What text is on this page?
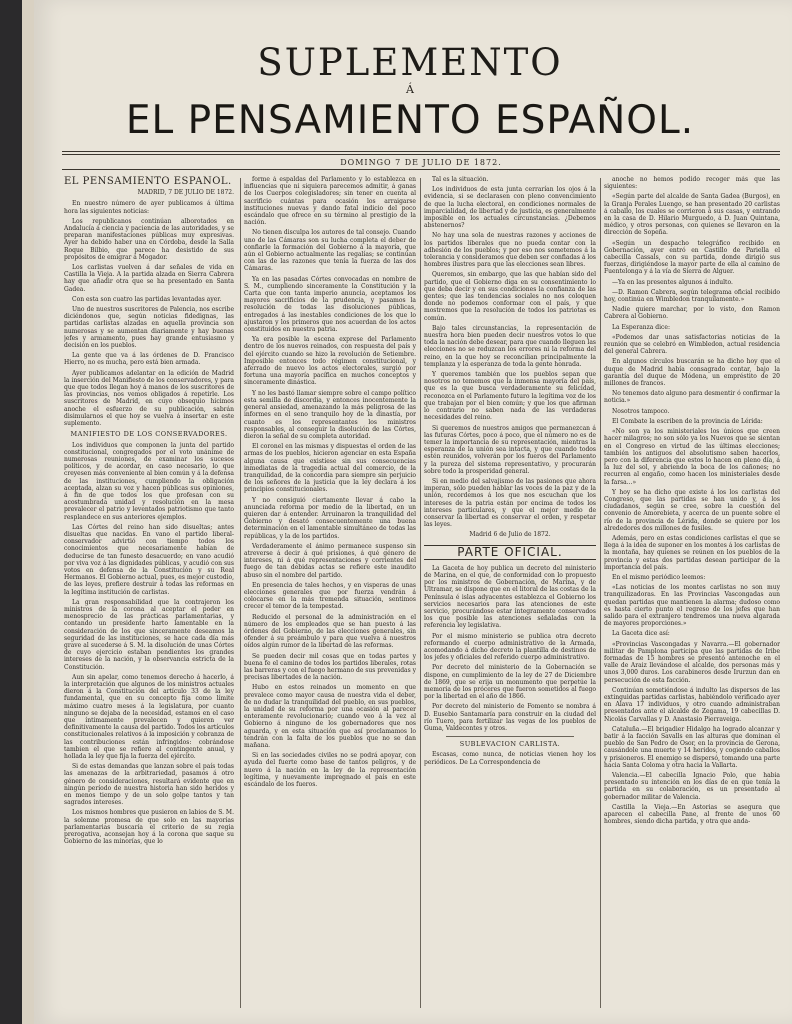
SUPLEMENTO
Á
EL PENSAMIENTO ESPAÑOL.
DOMINGO 7 DE JULIO DE 1872.
EL PENSAMIENTO ESPAÑOL.
MADRID, 7 DE JULIO DE 1872.

En nuestro número de ayer publicamos á última hora las siguientes noticias:

Los republicanos continúan alborotados en Andalucía á ciencia y paciencia de las autoridades, y se preparan manifestaciones públicas muy expresivas. Ayer ha debido haber una en Córdoba, desde la Salla Roque Bilbio, que parece ha desistido de sus propósitos de emigrar á Mogador.

Los carlistas vuelven á dar señales de vida en Castilla la Vieja. A la partida alzada en Sierra Cabrera hay que añadir otra que se ha presentado en Santa Gadea.

Con esta son cuatro las partidas levantadas ayer.

Uno de nuestros suscritores de Palencia, nos escribe diciéndonos que, según noticias fidedignas, las partidas carlistas alzadas en aquella provincia son numerosas y se aumentan diariamente y hay buenas jefes y armamento, pues hay grande entusiasmo y decisión en los pueblos.

La gente que va á las órdenes de D. Francisco Hierro, no es mucha, pero está bien armada.

Ayer publicamos adelantar en la edición de Madrid la inserción del Manifiesto de los conservadores, y para que que todos llegan hoy á manos de los suscritores de las provincias, nos vemos obligados á repetirle. Los suscritores de Madrid, en cuyo obsequio hicimos anoche el esfuerzo de su publicación, sabrán disimularnos el que hoy se vuelva á insertar en este suplemento.

MANIFIESTO DE LOS CONSERVADORES.

Los individuos que componen la junta del partido constitucional, congregados por el voto unánime de numerosas reuniones, de examinar los sucesos políticos, y de acordar, en caso necesario, lo que creyesen más conveniente al bien común y á la defensa de las instituciones, cumpliendo la obligación aceptada, alzan su voz y hacen públicas sus opiniones, á fin de que todos los que profesan con su acostumbrada unidad y resolución en la mesa prevalecer el patrio y leventados patriotismo que tanto resplandece en sus anteriores ejemplos.

Las Córtes del reino han sido disueltas; antes disueltas que nacidas. En vano el partido liberal-conservador advirtió con tiempo todos los conocimientos que necesariamente habían de deducirse de tan funesto desacuerdo; en vano acudió por viva voz á las dignidades públicas, y acudió con sus votos en defensa de la Constitución y su Real Hermanos. El Gobierno actual, pues, es mejor custodio, de las leyes, prefiere destruir á todas las reformas en la legítima institución de carlistas.

La gran responsabilidad que la contrajeron los ministros de la corona al aceptar el poder en menosprecio de las prácticas parlamentarias, y contando un presidente harto lamentable en la consideración de los que sinceramente deseamos la seguridad de las instituciones, se hace cada día más grave al sucederse á S. M. la disolución de unas Córtes de cuyo ejercicio estaban pendientes los grandes intereses de la nación, y la observancia estricta de la Constitución.

Aun sin apelar, como tenemos derecho á hacerlo, á la interpretación que algunos de los ministros actuales dieron á la Constitución del artículo 33 de la ley fundamental, que en su concepto fija como límite máximo cuatro meses á la legislatura, por cuanto ninguno se dejaba de la necesidad, estamos en el caso que íntimamente prevalecen y quieren ver definitivamente la causa del partido. Todos los artículos constitucionales relativos á la imposición y cobranza de las contribuciones están infringidos: cobrándose tambien el que se refiere al contingente anual, y hollada la ley que fija la fuerza del ejército.

Si de estas demandas que lanzan sobre el país todas las amenazas de la arbitrariedad, pasamos á otro género de consideraciones, resultará evidente que en ningún período de nuestra historia han sido heridos y en menos tiempo y de un solo golpe tantos y tan sagrados intereses.

Los mismos hombres que pusieron en labios de S. M. la solemne promesa de que solo en las mayorías parlamentarias buscaría el criterio de su regia prerogativa, aconsejan hoy á la corona que saque su Gobierno de las minorías, que lo

forme á espaldas del Parlamento y lo establezca en influencias que ni siquiera parecemos admitir, á ganas de los Cuerpos colegisladores; sin tener en cuenta al sacrificio cuántas para ocasión los arraigarse instituciones nuevas y dando fatal indicio del poco escándalo que ofrece en su término al prestigio de la nación.

No tienen disculpa los autores de tal consejo. Cuando uno de las Cámaras son su lucha completa el deber de confiarle la formación del Gobierno á la mayoría, que aún el Gobierno actualmente las regalías; se continúan con las de las razones que tenía la fuerza de las dos Cámaras.

Ya en las pasadas Córtes convocadas en nombre de S. M., cumpliendo sinceramente la Constitución y la Carta que con tanta imperio anuncia, aceptamos los mayores sacrificios de la prudencia, y pasamos la resolución de todas las disoluciones públicas, entregados á las inestables condiciones de los que lo ajustaron y los primeros que nos acuerdan de los actos constituidos en nuestra patria.

Ya era posible la escena exprese del Parlamento dentro de los nuevos reinados, con respuesta del país y del ejército cuando se hizo la revolución de Setiembre. Imposible entonces todo régimen constitucional, y aferrado de nuevo los actos electorales, surgió por fortuna una mayoría pacífica en muchos conceptos y sinceramente dinástica.

Y no les bastó llamar siempre sobre el campo político esta semilla de discordia, y entonces inocentemente la general ansiedad, amenazando la más peligrosa de las informes en el seno tranquilo hoy de la dinastía, por cuanto es los representantes los ministros responsables, al conseguir la disolución de las Córtes, dieron la señal de su completa autoridad.

El coronel en las mismas y dispuestas el orden de las armas de los pueblos, hicieron agenciar en esta España alguna causa que existiese sin sus consecuencias inmediatas de la tragedia actual del comercio, de la tranquilidad, de la concordia para siempre sin perjuicio de los señores de la justicia que la ley declara á los principios constitucionales.

Y no consiguió ciertamente llevar á cabo la anunciada reforma por medio de la libertad, en un quieren dar á entender. Arruinaron la tranquilidad del Gobierno y desató consecuentemente una buena determinación en el lamentable simultáneo de todas las repúblicas, y la de los partidos.

Verdaderamente el ánimo permanece suspenso sin atreverse á decir á qué prisiones, á qué género de intereses, ni á qué representaciones y corrientes del fuego de tan debidas actas se refiere este inaudito abuso sin el nombre del partido.

En presencia de tales hechos, y en visperas de unas elecciones generales que por fuerza vendrán á colocarse en la más tremenda situación, sentimos crecer el temor de la tempestad.

Reducido el personal de la administración en el número de los empleados que se han puesto á las órdenes del Gobierno, de las elecciones generales, sin ofender á su preámbulo y para que vuelva á nuestros oídos algún rumor de la libertad de las reformas.

Se pueden decir mil cosas que en todas partes y buena fe el camino de todos los partidos liberales, rotas las barreras y con el fuego hermano de sus prevenidas y precisas libertades de la nación.

Hubo en estos reinados un momento en que prevalece como mayor causa de nuestra vida el deber, de no dudar la tranquilidad del pueblo, en sus pueblos, la unidad de su reforma por una ocasión al parecer enteramente revolucionario; cuando veo á la vez al Gobierno á ninguno de los gobernadores que nos aguarda, y en esta situación que así proclamamos lo tendrán con la falta de los pueblos que no se dan mañana.

Si en las sociedades civiles no se podrá apoyar, con ayuda del fuerte como base de tantos peligros, y de nuevo á la nación en la ley de la representación legítima, y nuevamente impregnado el país en este escándalo de los fueros.

Tal es la situación.

Los individuos de esta junta cerrarían los ojos á la evidencia, si se declarasen con pleno convencimiento de que la lucha electoral, en condiciones normales de imparcialidad, de libertad y de justicia, es generalmente imposible en los actuales circunstancias. ¿Debemos abstenernos?

No hay una sola de nuestras razones y acciones de los partidos liberales que no pueda contar con la adhesión de los pueblos; y por eso nos sometemos á la tolerancia y consideramos que deben ser confiadas á los hombres ilustres para que las elecciones sean libres.

Queremos, sin embargo, que las que habían sido del partido, que el Gobierno diga en su consentimiento lo que deba decir y en sus condiciones la confianza de las gentes; que las tendencias sociales no nos coloquen donde no podemos conformar con el país, y que mostremos que la resolución de todos los patriotas es común.

Bajo tales circunstancias, la representación de nuestra hora bien pueden decir nuestros votos lo que toda la nación debe desear, para que cuando lleguen las elecciones no se reduzcan los errores ni la reforma del reino, en la que hoy se reconcilian principalmente la templanza y la esperanza de toda la gente honrada.

Y queremos también que los pueblos sepan que nosotros no tememos que la inmensa mayoría del país, que es la que busca verdaderamente su felicidad, reconozca en el Parlamento futuro la legítima voz de los que trabajan por el bien común; y que los que afirman lo contrario no saben nada de las verdaderas necesidades del reino.

Si queremos de nuestros amigos que permanezcan á las futuras Córtes, poco á poco, que el número no es de temer la importancia de su representación, mientras la esperanza de la unión sea intacta, y que cuando todos estén reunidos, volverán por los fueros del Parlamento y la pureza del sistema representativo, y procurarán sobre todo la prosperidad general.

Si en medio del salvajismo de las pasiones que ahora imperan, sólo pueden hablar las voces de la paz y de la unión, recordemos á los que nos escuchan que los intereses de la patria están por encima de todos los intereses particulares, y que el mejor medio de conservar la libertad es conservar el orden, y respetar las leyes.

Madrid 6 de Julio de 1872.
PARTE OFICIAL.

La Gaceta de hoy publica un decreto del ministerio de Marina, en el que, de conformidad con lo propuesto por los ministros de Gobernación, de Marina, y de Ultramar, se dispone que en el litoral de las costas de la Península é islas adyacentes establezca el Gobierno los servicios necesarios para las atenciones de este servicio, procurándose estar íntegramente conservados los que posible las atenciones señaladas con la referencia ley legislativa.

Por el mismo ministerio se publica otra decreto reformando el cuerpo administrativo de la Armada, acomodando á dicho decreto la plantilla de destinos de los jefes y oficiales del referido cuerpo administrativo.

Por decreto del ministerio de la Gobernación se dispone, en cumplimiento de la ley de 27 de Diciembre de 1869, que se erija un monumento que perpetúe la memoria de los próceres que fueron sometidos al fuego por la libertad en el año de 1866.

Por decreto del ministerio de Fomento se nombra á D. Eusebio Santamaría para construir en la ciudad del río Tuero, para fertilizar las vegas de los pueblos de Guma, Valdecontes y otros.

SUBLEVACION CARLISTA.

Escasas, como nunca, de noticias vienen hoy los periódicos. De La Correspondencia de

anoche no hemos podido recoger más que las siguientes:

«Según parte del alcalde de Santa Gadea (Burgos), en la Granja Perales Luengo, se han presentado 20 carlistas á caballo, los cuales se corrieron á sus casas, y entrando en la casa de D. Hilario Murguedo, á D. Juan Quintana, médico, y otros personas, con quienes se llevaron en la dirección de Sopeña.

«Según un despacho telegráfico recibido en Gobernación, ayer entró en Castillo de Pariella el cabecilla Cassals, con su partida, donde dirigió sus fuerzas, dirigiéndose la mayor parte de ella al camino de Fuentelonga y á la vía de Sierra de Alguer.

—Ya en las presentes algunos á indulto.

—D. Ramon Cabrera, según telegrama oficial recibido hoy, continúa en Wimbledon tranquilamente.»

Nadie quiere marchar, por lo visto, don Ramon Cabrera al Gobierno.

La Esperanza dice:

«Podemos dar unas satisfactorias noticias de la reunión que se celebró en Wimbledon, actual residencia del general Cabrera.

En algunos círculos buscarán se ha dicho hoy que el duque de Madrid había consagrado contar, bajo la garantía del duque de Módena, un empréstito de 20 millones de francos.

No tenemos dato alguno para desmentir ó confirmar la noticia.»

Nosotros tampoco.

El Combate la escriben de la provincia de Lérida:

«No son ya los ministeriales los únicos que creen hacer milagros; no son sólo ya los Nuevos que se sientan en el Congreso en virtud de las últimas elecciones; también los antiguos del absolutismo saben hacerlos, pero con la diferencia que estos lo hacen en pleno día, á la luz del sol, y abriendo la boca de los cañones; no recurren al engaño, como hacen los ministeriales desde la farsa...»

Y hoy se ha dicho que existe á los los carlistas del Congreso, que las partidas se han unido y, á los ciudadanos, según se cree, sobre la cuestión del convenio de Amorebieta, y acerca de un puente sobre el río de la provincia de Lérida, donde se quiere por los alrededores dos millones de fusiles.

Además, pero en estas condiciones carlistas el que se llega á la idea de suponer en los montes á los carlistas de la montaña, hay quienes se reúnen en los pueblos de la provincia y estas dos partidas desean participar de la importancia del país.

En el mismo periódico leemos:

«Las noticias de los montes carlistas no son muy tranquilizadoras. En las Provincias Vascongadas aun quedan partidas que mantienen la alarma; dudoso como es hasta cierto punto el regreso de los jefes que han salido para el extranjero tendremos una nueva algarada de mayores proporciones.»

La Gaceta dice así:

«Provincias Vascongadas y Navarra.—El gobernador militar de Pamplona participa que las partidas de Iribe formadas de 15 hombres se presentó antenoche en el valle de Araiz llevándose el alcalde, dos personas más y unos 3,000 duros. Los carabineros desde Irurzun dan en persecución de esta facción.

Continúan sometiéndose á indulto las dispersos de las extinguidas partidas carlistas, habiéndolo verificado ayer en Alava 17 individuos, y otro cuando administraban presentados ante el alcalde de Zegama, 19 cabecillas D. Nicolás Carvallas y D. Anastasio Pierraveiga.

Cataluña.—El brigadier Hidalgo ha logrado alcanzar y batir á la facción Savalls en las alturas que dominan el pueblo de San Pedro de Osor, en la provincia de Gerona, causándole una muerte y 14 heridos, y cogiendo caballos y prisioneros. El enemigo se dispersó, tomando una parte hacia Santa Coloma y otra hacia la Vallarta.

Valencia.—El cabecilla Ignacio Polo, que habia presentado su intención en los días de en que tenía la partida en su colaboración, es un presentado al gobernador militar de Valencia.

Castilla la Vieja.—En Astorias se asegura que aparecen el cabecilla Pane, al frente de unos 60 hombres, siendo dicha partida, y otra que anda-
